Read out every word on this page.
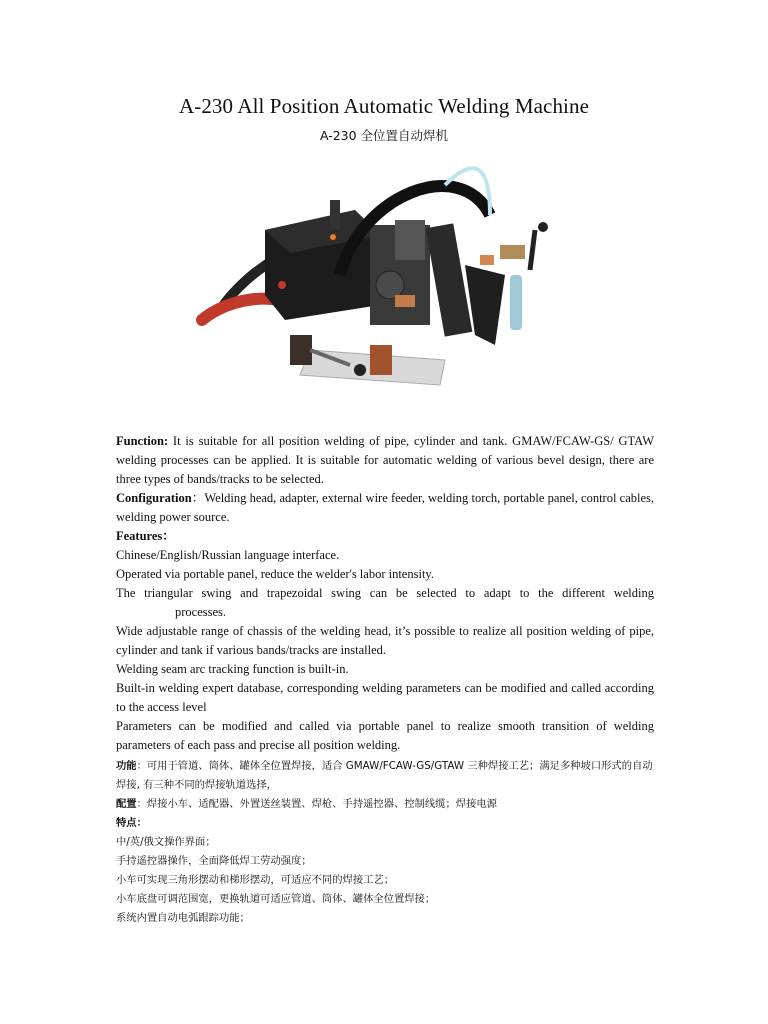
A-230 All Position Automatic Welding Machine
A-230 全位置自动焊机

Function: It is suitable for all position welding of pipe, cylinder and tank. GMAW/FCAW-GS/ GTAW welding processes can be applied. It is suitable for automatic welding of various bevel design, there are three types of bands/tracks to be selected.

Configuration：Welding head, adapter, external wire feeder, welding torch, portable panel, control cables, welding power source.

Features：

Chinese/English/Russian language interface.

Operated via portable panel, reduce the welder's labor intensity.

The triangular swing and trapezoidal swing can be selected to adapt to the different welding

processes.

Wide adjustable range of chassis of the welding head, it’s possible to realize all position welding of pipe, cylinder and tank if various bands/tracks are installed.

Welding seam arc tracking function is built-in.

Built-in welding expert database, corresponding welding parameters can be modified and called according to the access level

Parameters can be modified and called via portable panel to realize smooth transition of welding parameters of each pass and precise all position welding.

功能：可用于管道、筒体、罐体全位置焊接，适合 GMAW/FCAW-GS/GTAW 三种焊接工艺；满足多种坡口形式的自动焊接, 有三种不同的焊接轨道选择，

配置：焊接小车、适配器、外置送丝装置、焊枪、手持遥控器、控制线缆；焊接电源

特点：

中/英/俄文操作界面；

手持遥控器操作，全面降低焊工劳动强度；

小车可实现三角形摆动和梯形摆动，可适应不同的焊接工艺；

小车底盘可调范围宽，更换轨道可适应管道、筒体、罐体全位置焊接；

系统内置自动电弧跟踪功能；
